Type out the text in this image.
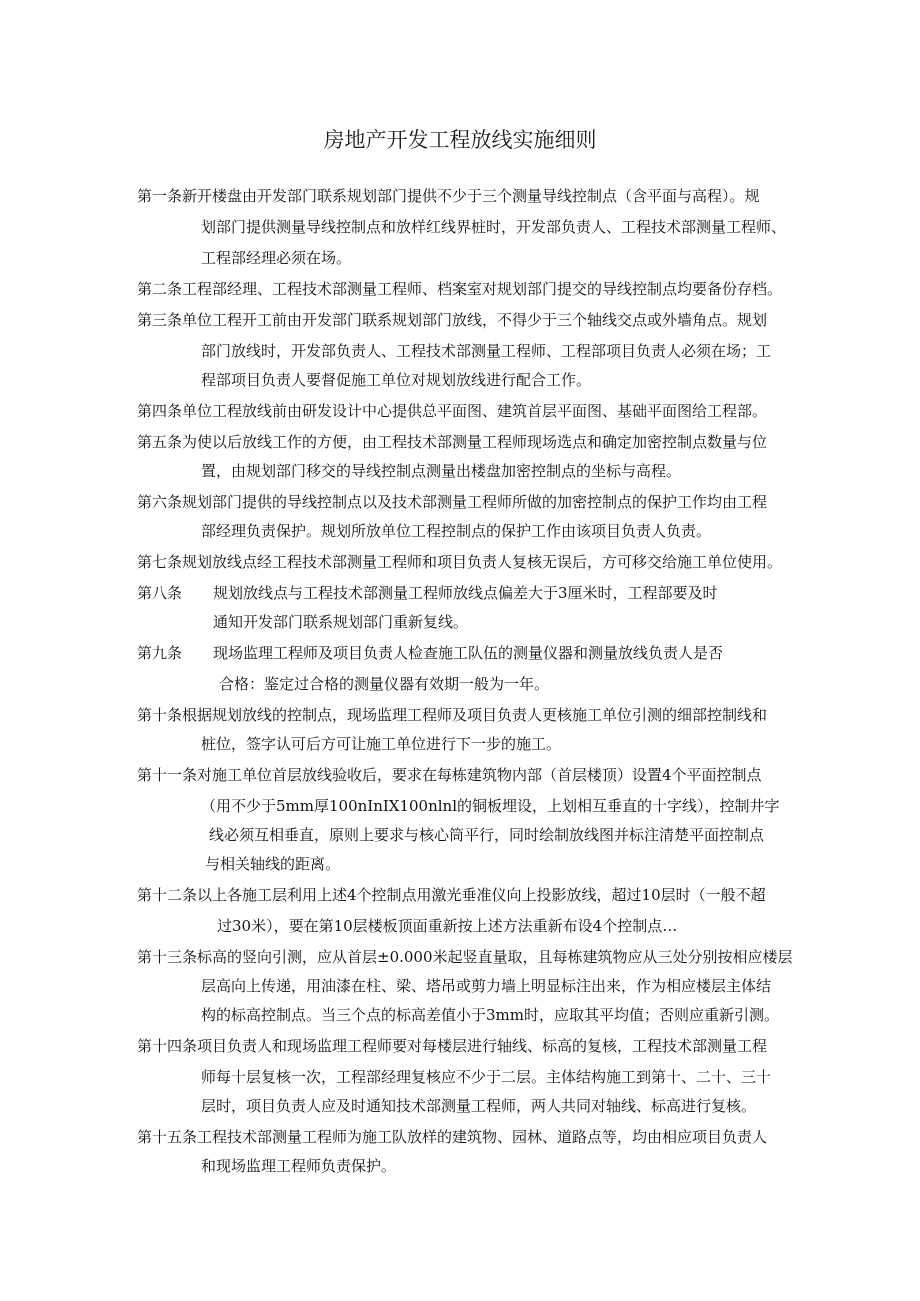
房地产开发工程放线实施细则
第一条新开楼盘由开发部门联系规划部门提供不少于三个测量导线控制点（含平面与高程）。规
划部门提供测量导线控制点和放样红线界桩时，开发部负责人、工程技术部测量工程师、
工程部经理必须在场。
第二条工程部经理、工程技术部测量工程师、档案室对规划部门提交的导线控制点均要备份存档。
第三条单位工程开工前由开发部门联系规划部门放线，不得少于三个轴线交点或外墙角点。规划
部门放线时，开发部负责人、工程技术部测量工程师、工程部项目负责人必须在场；工
程部项目负责人要督促施工单位对规划放线进行配合工作。
第四条单位工程放线前由研发设计中心提供总平面图、建筑首层平面图、基础平面图给工程部。
第五条为使以后放线工作的方便，由工程技术部测量工程师现场选点和确定加密控制点数量与位
置，由规划部门移交的导线控制点测量出楼盘加密控制点的坐标与高程。
第六条规划部门提供的导线控制点以及技术部测量工程师所做的加密控制点的保护工作均由工程
部经理负责保护。规划所放单位工程控制点的保护工作由该项目负责人负责。
第七条规划放线点经工程技术部测量工程师和项目负责人复核无误后，方可移交给施工单位使用。
第八条 规划放线点与工程技术部测量工程师放线点偏差大于3厘米时，工程部要及时
通知开发部门联系规划部门重新复线。
第九条 现场监理工程师及项目负责人检查施工队伍的测量仪器和测量放线负责人是否
合格：鉴定过合格的测量仪器有效期一般为一年。
第十条根据规划放线的控制点，现场监理工程师及项目负责人更核施工单位引测的细部控制线和
桩位，签字认可后方可让施工单位进行下一步的施工。
第十一条对施工单位首层放线验收后，要求在每栋建筑物内部（首层楼顶）设置4个平面控制点
（用不少于5mm厚100nInIX100nlnl的铜板埋设，上划相互垂直的十字线），控制井字
线必须互相垂直，原则上要求与核心筒平行，同时绘制放线图并标注清楚平面控制点
与相关轴线的距离。
第十二条以上各施工层利用上述4个控制点用激光垂准仪向上投影放线，超过10层时（一般不超
过30米），要在第10层楼板顶面重新按上述方法重新布设4个控制点…
第十三条标高的竖向引测，应从首层±0.000米起竖直量取，且每栋建筑物应从三处分别按相应楼层
层高向上传递，用油漆在柱、梁、塔吊或剪力墙上明显标注出来，作为相应楼层主体结
构的标高控制点。当三个点的标高差值小于3mm时，应取其平均值；否则应重新引测。
第十四条项目负责人和现场监理工程师要对每楼层进行轴线、标高的复核，工程技术部测量工程
师每十层复核一次，工程部经理复核应不少于二层。主体结构施工到第十、二十、三十
层时，项目负责人应及时通知技术部测量工程师，两人共同对轴线、标高进行复核。
第十五条工程技术部测量工程师为施工队放样的建筑物、园林、道路点等，均由相应项目负责人
和现场监理工程师负责保护。
